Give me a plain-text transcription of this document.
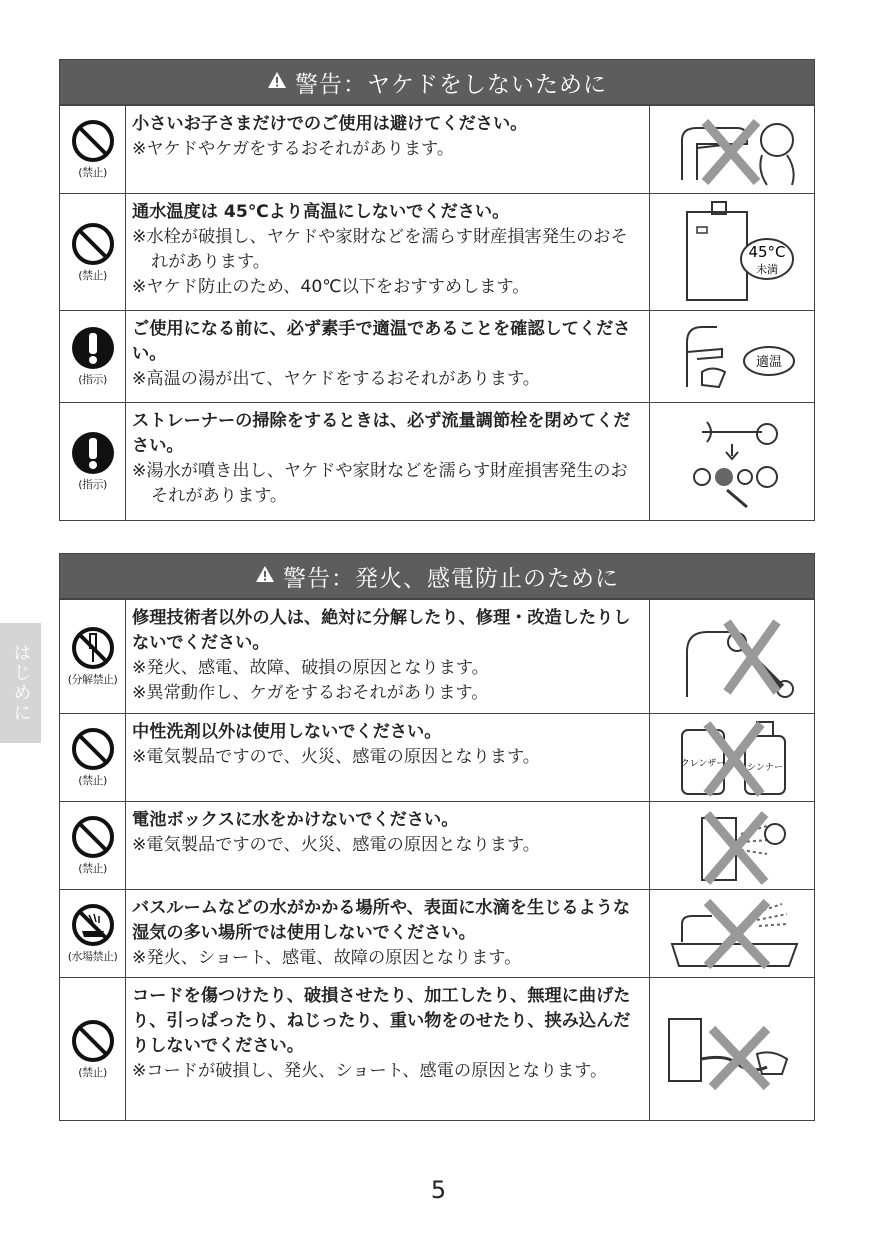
警告：ヤケドをしないために
(禁止)
小さいお子さまだけでのご使用は避けてください。
※ヤケドやケガをするおそれがあります。
(禁止)
通水温度は 45℃より高温にしないでください。
※水栓が破損し、ヤケドや家財などを濡らす財産損害発生のおそれがあります。
※ヤケド防止のため、40℃以下をおすすめします。
45°C
未満
(指示)
ご使用になる前に、必ず素手で適温であることを確認してください。
※高温の湯が出て、ヤケドをするおそれがあります。
適温
(指示)
ストレーナーの掃除をするときは、必ず流量調節栓を閉めてください。
※湯水が噴き出し、ヤケドや家財などを濡らす財産損害発生のおそれがあります。
警告：発火、感電防止のために
(分解禁止)
修理技術者以外の人は、絶対に分解したり、修理・改造したりしないでください。
※発火、感電、故障、破損の原因となります。
※異常動作し、ケガをするおそれがあります。
(禁止)
中性洗剤以外は使用しないでください。
※電気製品ですので、火災、感電の原因となります。	クレンザー シンナー
(禁止)
電池ボックスに水をかけないでください。
※電気製品ですので、火災、感電の原因となります。
(水場禁止)
バスルームなどの水がかかる場所や、表面に水滴を生じるような湿気の多い場所では使用しないでください。
※発火、ショート、感電、故障の原因となります。
(禁止)
コードを傷つけたり、破損させたり、加工したり、無理に曲げたり、引っぱったり、ねじったり、重い物をのせたり、挟み込んだりしないでください。
※コードが破損し、発火、ショート、感電の原因となります。
はじめに
5
